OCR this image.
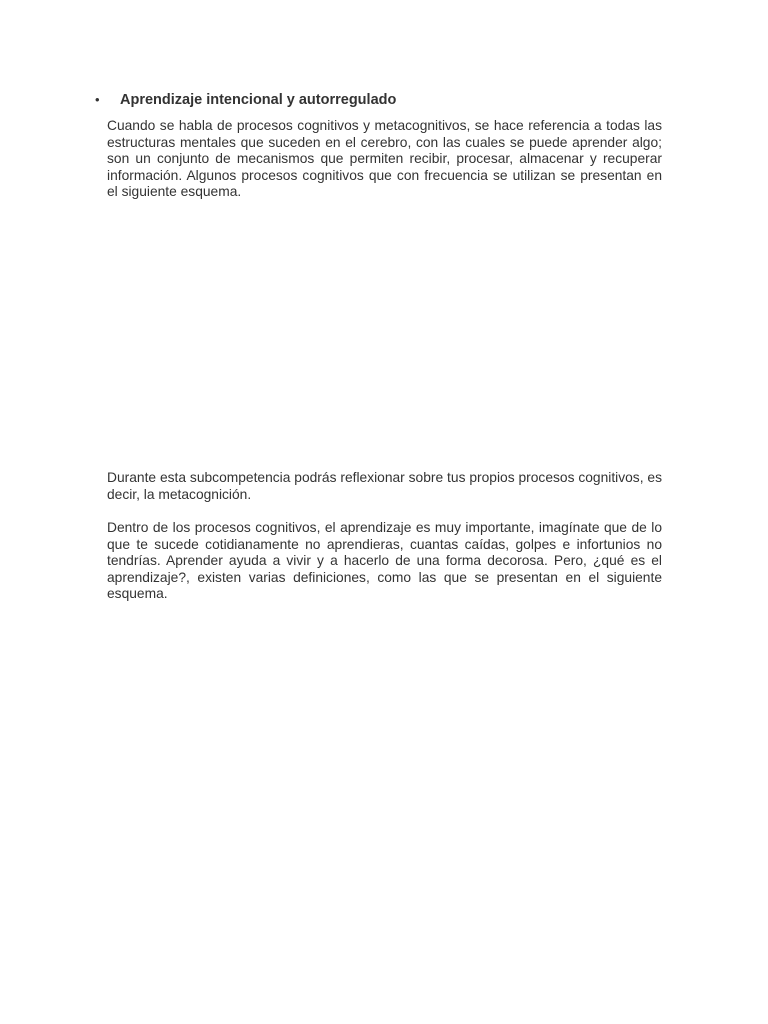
•	Aprendizaje intencional y autorregulado

Cuando se habla de procesos cognitivos y metacognitivos, se hace referencia a todas las estructuras mentales que suceden en el cerebro, con las cuales se puede aprender algo; son un conjunto de mecanismos que permiten recibir, procesar, almacenar y recuperar información. Algunos procesos cognitivos que con frecuencia se utilizan se presentan en el siguiente esquema.

Durante esta subcompetencia podrás reflexionar sobre tus propios procesos cognitivos, es decir, la metacognición.

Dentro de los procesos cognitivos, el aprendizaje es muy importante, imagínate que de lo que te sucede cotidianamente no aprendieras, cuantas caídas, golpes e infortunios no tendrías. Aprender ayuda a vivir y a hacerlo de una forma decorosa. Pero, ¿qué es el aprendizaje?, existen varias definiciones, como las que se presentan en el siguiente esquema.
